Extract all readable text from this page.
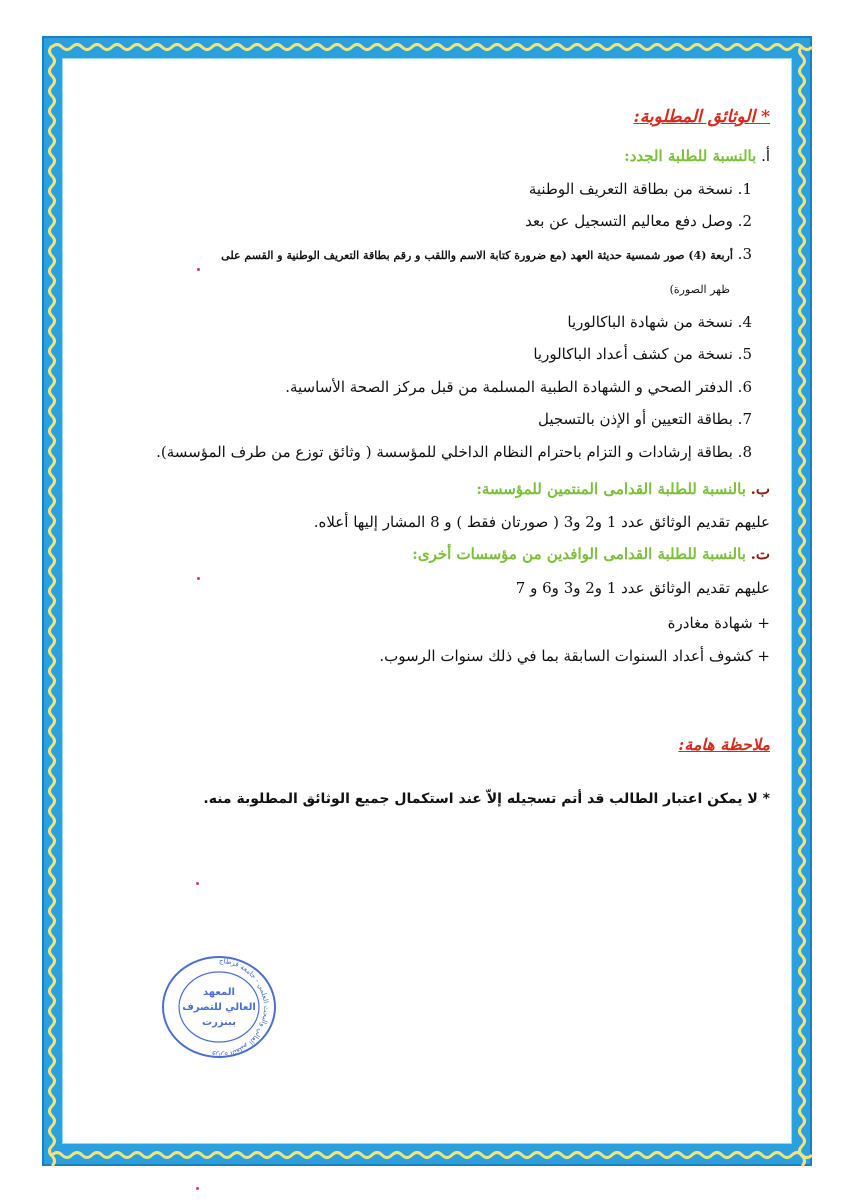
* الوثائق المطلوبة:
أ. بالنسبة للطلبة الجدد:
1. نسخة من بطاقة التعريف الوطنية
2. وصل دفع معاليم التسجيل عن بعد
3. أربعة (4) صور شمسية حديثة العهد (مع ضرورة كتابة الاسم واللقب و رقم بطاقة التعريف الوطنية و القسم على
ظهر الصورة)
4. نسخة من شهادة الباكالوريا
5. نسخة من كشف أعداد الباكالوريا
6. الدفتر الصحي و الشهادة الطبية المسلمة من قبل مركز الصحة الأساسية.
7. بطاقة التعيين أو الإذن بالتسجيل
8. بطاقة إرشادات و التزام باحترام النظام الداخلي للمؤسسة ( وثائق توزع من طرف المؤسسة).
ب. بالنسبة للطلبة القدامى المنتمين للمؤسسة:
عليهم تقديم الوثائق عدد 1 و2 و3 ( صورتان فقط ) و 8 المشار إليها أعلاه.
ت. بالنسبة للطلبة القدامى الوافدين من مؤسسات أخرى:
عليهم تقديم الوثائق عدد 1 و2 و3 و6 و 7
+ شهادة مغادرة
+ كشوف أعداد السنوات السابقة بما في ذلك سنوات الرسوب.
ملاحظة هامة:
* لا يمكن اعتبار الطالب قد أتم تسجيله إلاّ عند استكمال جميع الوثائق المطلوبة منه.
وزارة التعليم العالي والبحث العلمي - جامعة قرطاج
المعهد
العالي للتصرف
ببنزرت
